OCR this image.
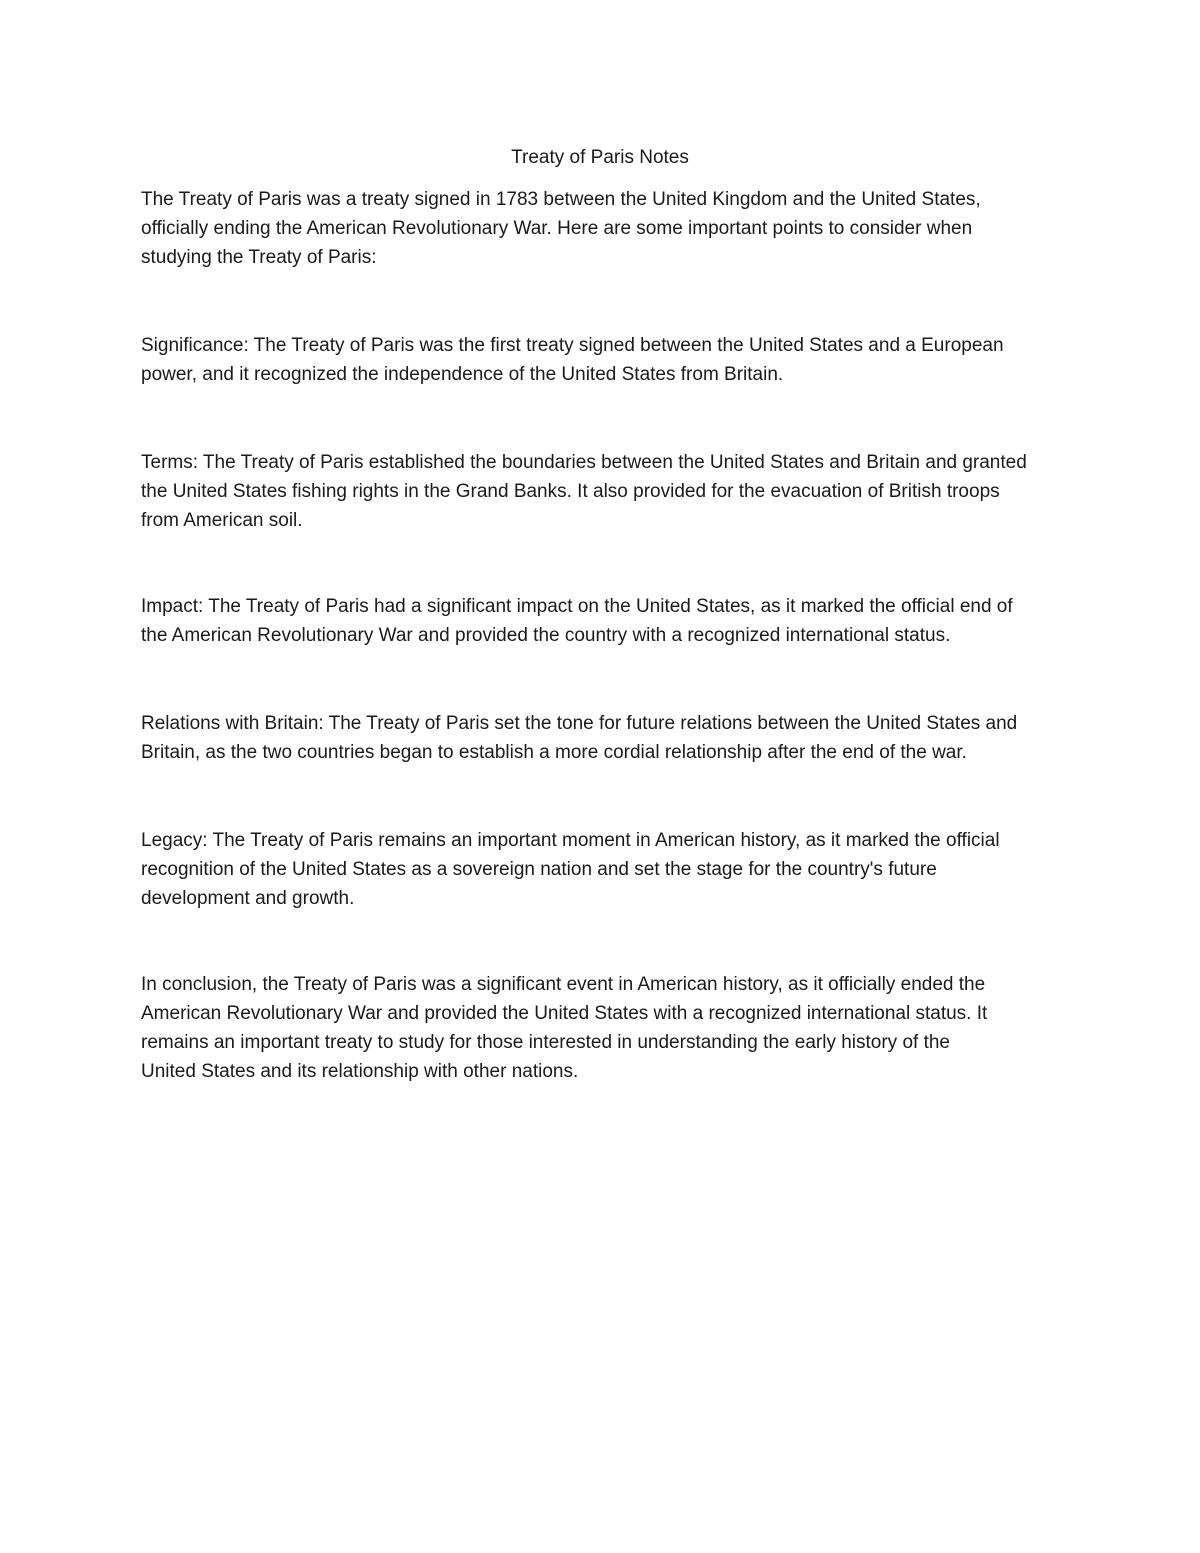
Treaty of Paris Notes
The Treaty of Paris was a treaty signed in 1783 between the United Kingdom and the United States,
officially ending the American Revolutionary War. Here are some important points to consider when
studying the Treaty of Paris:
Significance: The Treaty of Paris was the first treaty signed between the United States and a European
power, and it recognized the independence of the United States from Britain.
Terms: The Treaty of Paris established the boundaries between the United States and Britain and granted
the United States fishing rights in the Grand Banks. It also provided for the evacuation of British troops
from American soil.
Impact: The Treaty of Paris had a significant impact on the United States, as it marked the official end of
the American Revolutionary War and provided the country with a recognized international status.
Relations with Britain: The Treaty of Paris set the tone for future relations between the United States and
Britain, as the two countries began to establish a more cordial relationship after the end of the war.
Legacy: The Treaty of Paris remains an important moment in American history, as it marked the official
recognition of the United States as a sovereign nation and set the stage for the country's future
development and growth.
In conclusion, the Treaty of Paris was a significant event in American history, as it officially ended the
American Revolutionary War and provided the United States with a recognized international status. It
remains an important treaty to study for those interested in understanding the early history of the
United States and its relationship with other nations.
